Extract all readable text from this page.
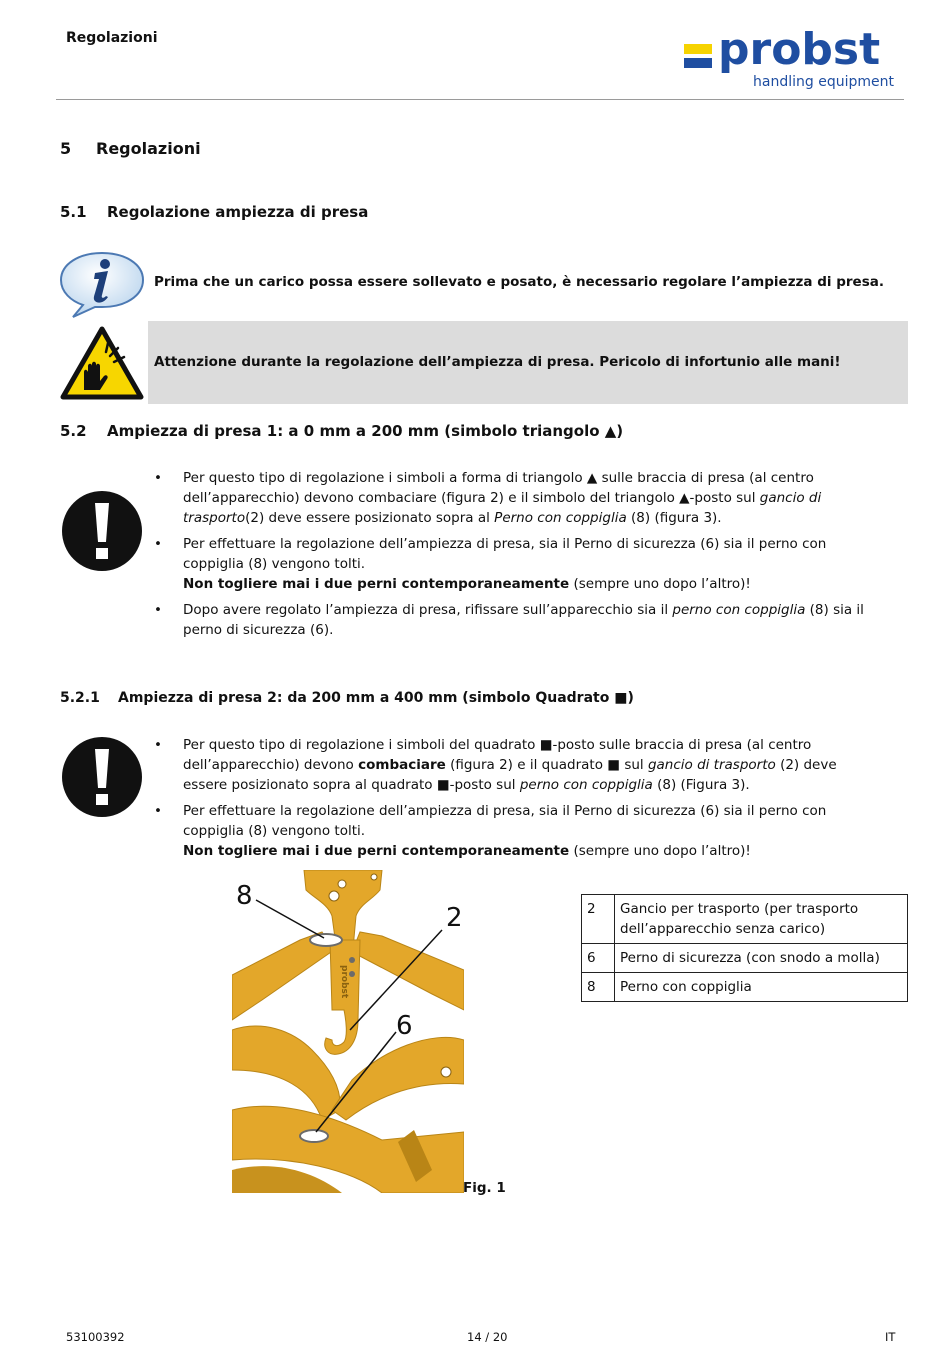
Regolazioni	probst
handling equipment
5 Regolazioni
5.1 Regolazione ampiezza di presa
Prima che un carico possa essere sollevato e posato, è necessario regolare l’ampiezza di presa.
Attenzione durante la regolazione dell’ampiezza di presa. Pericolo di infortunio alle mani!
5.2 Ampiezza di presa 1: a 0 mm a 200 mm (simbolo triangolo ▲)
• Per questo tipo di regolazione i simboli a forma di triangolo ▲ sulle braccia di presa (al centro dell’apparecchio) devono combaciare (figura 2) e il simbolo del triangolo ▲-posto sul gancio di trasporto(2) deve essere posizionato sopra al Perno con coppiglia (8) (figura 3).
• Per effettuare la regolazione dell’ampiezza di presa, sia il Perno di sicurezza (6) sia il perno con coppiglia (8) vengono tolti.
Non togliere mai i due perni contemporaneamente (sempre uno dopo l’altro)!
• Dopo avere regolato l’ampiezza di presa, rifissare sull’apparecchio sia il perno con coppiglia (8) sia il perno di sicurezza (6).
5.2.1 Ampiezza di presa 2: da 200 mm a 400 mm (simbolo Quadrato ■)
• Per questo tipo di regolazione i simboli del quadrato ■-posto sulle braccia di presa (al centro dell’apparecchio) devono combaciare (figura 2) e il quadrato ■ sul gancio di trasporto (2) deve essere posizionato sopra al quadrato ■-posto sul perno con coppiglia (8) (Figura 3).
• Per effettuare la regolazione dell’ampiezza di presa, sia il Perno di sicurezza (6) sia il perno con coppiglia (8) vengono tolti.
Non togliere mai i due perni contemporaneamente (sempre uno dopo l’altro)!
probst
8
2
6
Fig. 1
2	Gancio per trasporto (per trasporto dell’apparecchio senza carico)
6	Perno di sicurezza (con snodo a molla)
8	Perno con coppiglia
53100392	14 / 20	IT
